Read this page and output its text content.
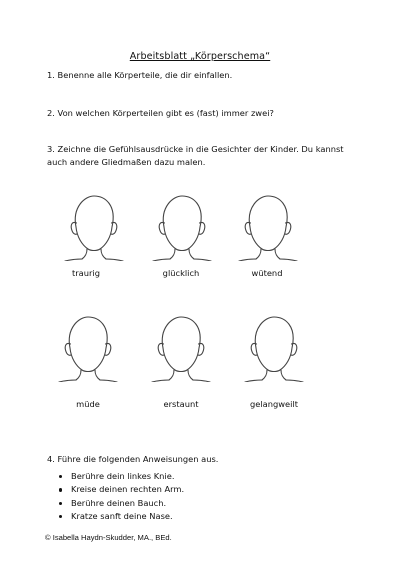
Arbeitsblatt „Körperschema“
1. Benenne alle Körperteile, die dir einfallen.
2. Von welchen Körperteilen gibt es (fast) immer zwei?
3. Zeichne die Gefühlsausdrücke in die Gesichter der Kinder. Du kannst auch andere Gliedmaßen dazu malen.
traurig	glücklich	wütend
müde	erstaunt	gelangweilt
4. Führe die folgenden Anweisungen aus.
Berühre dein linkes Knie.
Kreise deinen rechten Arm.
Berühre deinen Bauch.
Kratze sanft deine Nase.
© Isabella Haydn-Skudder, MA., BEd.
